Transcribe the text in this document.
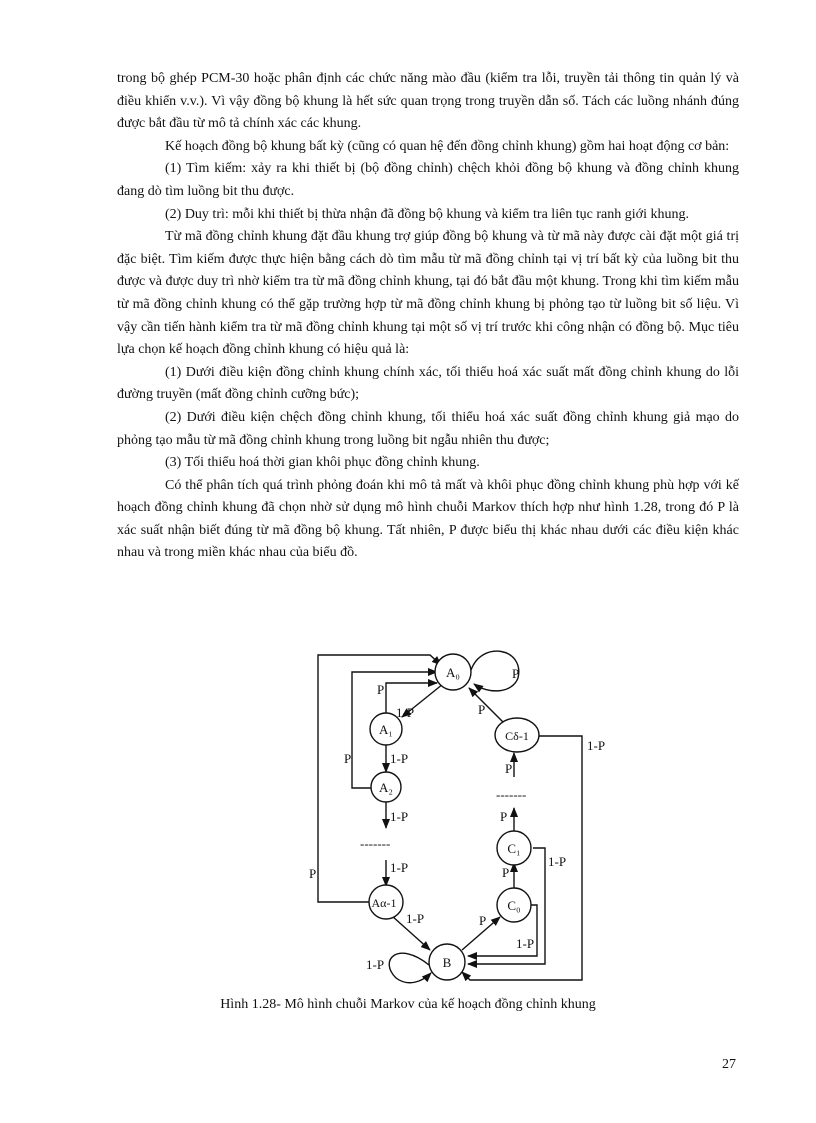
trong bộ ghép PCM-30 hoặc phân định các chức năng mào đầu (kiểm tra lỗi, truyền tải thông tin quản lý và điều khiển v.v.). Vì vậy đồng bộ khung là hết sức quan trọng trong truyền dẫn số. Tách các luồng nhánh đúng được bắt đầu từ mô tả chính xác các khung.

Kế hoạch đồng bộ khung bất kỳ (cũng có quan hệ đến đồng chỉnh khung) gồm hai hoạt động cơ bản:

(1) Tìm kiếm: xảy ra khi thiết bị (bộ đồng chỉnh) chệch khỏi đồng bộ khung và đồng chỉnh khung đang dò tìm luồng bit thu được.

(2) Duy trì: mỗi khi thiết bị thừa nhận đã đồng bộ khung và kiểm tra liên tục ranh giới khung.

Từ mã đồng chỉnh khung đặt đầu khung trợ giúp đồng bộ khung và từ mã này được cài đặt một giá trị đặc biệt. Tìm kiếm được thực hiện bằng cách dò tìm mẫu từ mã đồng chỉnh tại vị trí bất kỳ của luồng bit thu được và được duy trì nhờ kiểm tra từ mã đồng chỉnh khung, tại đó bắt đầu một khung. Trong khi tìm kiếm mẫu từ mã đồng chỉnh khung có thể gặp trường hợp từ mã đồng chỉnh khung bị phỏng tạo từ luồng bit số liệu. Vì vậy cần tiến hành kiểm tra từ mã đồng chỉnh khung tại một số vị trí trước khi công nhận có đồng bộ. Mục tiêu lựa chọn kế hoạch đồng chỉnh khung có hiệu quả là:

(1) Dưới điều kiện đồng chỉnh khung chính xác, tối thiểu hoá xác suất mất đồng chỉnh khung do lỗi đường truyền (mất đồng chỉnh cưỡng bức);

(2) Dưới điều kiện chệch đồng chỉnh khung, tối thiểu hoá xác suất đồng chỉnh khung giả mạo do phỏng tạo mẫu từ mã đồng chỉnh khung trong luồng bit ngẫu nhiên thu được;

(3) Tối thiểu hoá thời gian khôi phục đồng chỉnh khung.

Có thể phân tích quá trình phỏng đoán khi mô tả mất và khôi phục đồng chỉnh khung phù hợp với kế hoạch đồng chỉnh khung đã chọn nhờ sử dụng mô hình chuỗi Markov thích hợp như hình 1.28, trong đó P là xác suất nhận biết đúng từ mã đồng bộ khung. Tất nhiên, P được biểu thị khác nhau dưới các điều kiện khác nhau và trong miền khác nhau của biểu đồ.

A₀
A₁
A₂
Aα-1
B
C₀
C₁
Cδ-1
P
P
1-P	P
P	1-P
P
1-P
1-P	P
-------
-------
1-P	1-P
P	P
1-P	P
1-P
1-P
Hình 1.28- Mô hình chuỗi Markov của kế hoạch đồng chỉnh khung
27
